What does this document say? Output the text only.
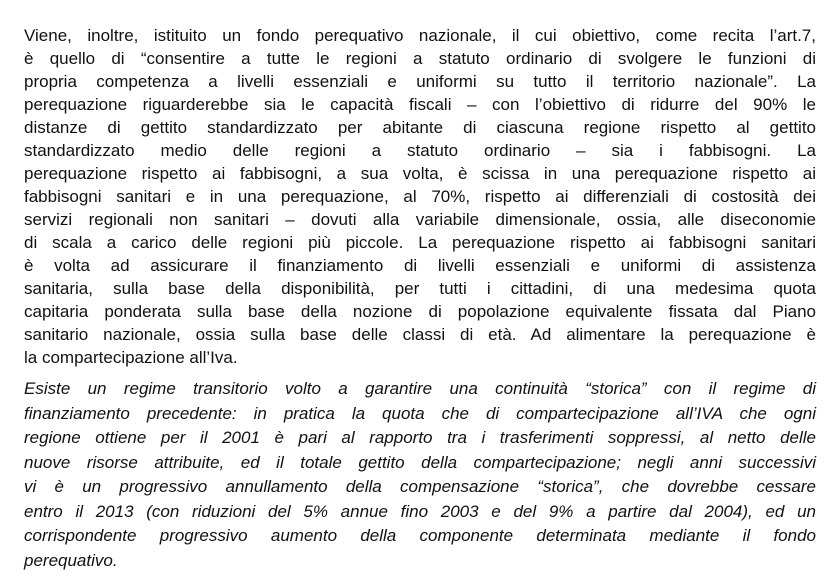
Viene, inoltre, istituito un fondo perequativo nazionale, il cui obiettivo, come recita l’art.7,
è quello di “consentire a tutte le regioni a statuto ordinario di svolgere le funzioni di
propria competenza a livelli essenziali e uniformi su tutto il territorio nazionale”. La
perequazione riguarderebbe sia le capacità fiscali – con l’obiettivo di ridurre del 90% le
distanze di gettito standardizzato per abitante di ciascuna regione rispetto al gettito
standardizzato medio delle regioni a statuto ordinario – sia i fabbisogni. La
perequazione rispetto ai fabbisogni, a sua volta, è scissa in una perequazione rispetto ai
fabbisogni sanitari e in una perequazione, al 70%, rispetto ai differenziali di costosità dei
servizi regionali non sanitari – dovuti alla variabile dimensionale, ossia, alle diseconomie
di scala a carico delle regioni più piccole. La perequazione rispetto ai fabbisogni sanitari
è volta ad assicurare il finanziamento di livelli essenziali e uniformi di assistenza
sanitaria, sulla base della disponibilità, per tutti i cittadini, di una medesima quota
capitaria ponderata sulla base della nozione di popolazione equivalente fissata dal Piano
sanitario nazionale, ossia sulla base delle classi di età. Ad alimentare la perequazione è
la compartecipazione all’Iva.
Esiste un regime transitorio volto a garantire una continuità “storica” con il regime di
finanziamento precedente: in pratica la quota che di compartecipazione all’IVA che ogni
regione ottiene per il 2001 è pari al rapporto tra i trasferimenti soppressi, al netto delle
nuove risorse attribuite, ed il totale gettito della compartecipazione; negli anni successivi
vi è un progressivo annullamento della compensazione “storica”, che dovrebbe cessare
entro il 2013 (con riduzioni del 5% annue fino 2003 e del 9% a partire dal 2004), ed un
corrispondente progressivo aumento della componente determinata mediante il fondo
perequativo.
